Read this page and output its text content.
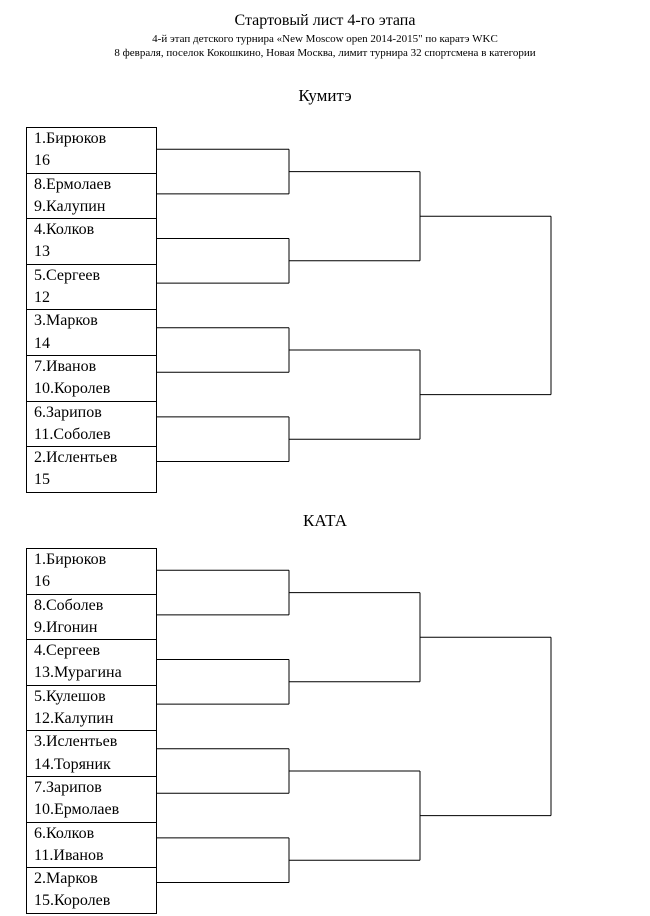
Стартовый лист 4-го этапа
4-й этап детского турнира «New Moscow open 2014-2015" по каратэ WKC
8 февраля, поселок Кокошкино, Новая Москва, лимит турнира 32 спортсмена в категории
Кумитэ
1.Бирюков
16
8.Ермолаев
9.Калупин
4.Колков
13
5.Сергеев
12
3.Марков
14
7.Иванов
10.Королев
6.Зарипов
11.Соболев
2.Ислентьев
15
КАТА
1.Бирюков
16
8.Соболев
9.Игонин
4.Сергеев
13.Мурагина
5.Кулешов
12.Калупин
3.Ислентьев
14.Торяник
7.Зарипов
10.Ермолаев
6.Колков
11.Иванов
2.Марков
15.Королев
